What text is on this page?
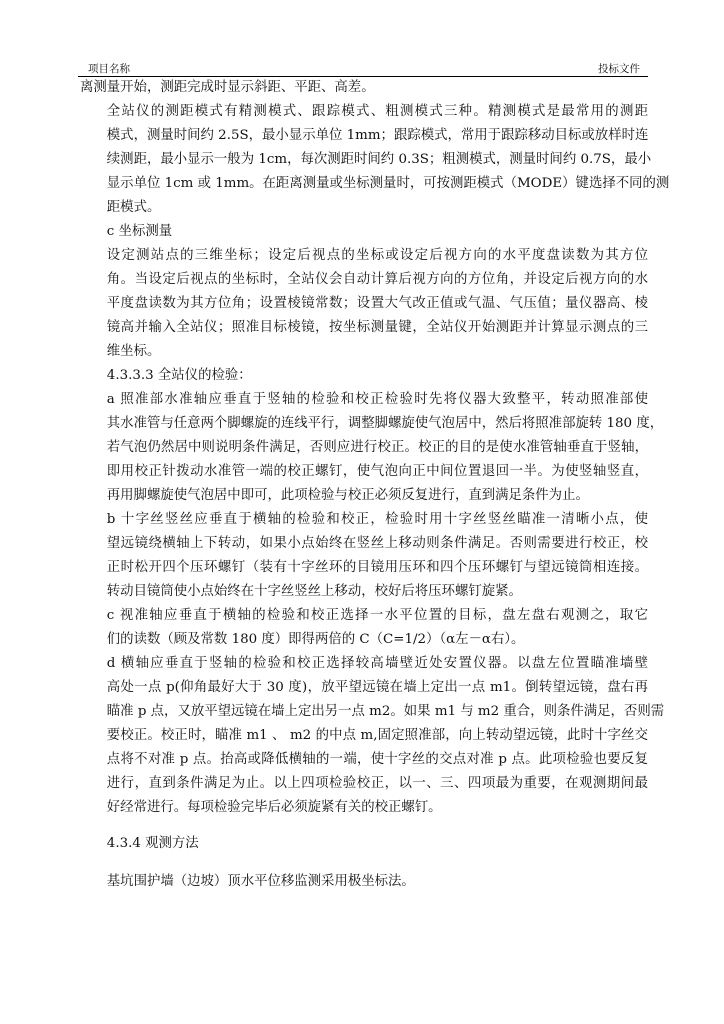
项目名称	投标文件
离测量开始，测距完成时显示斜距、平距、高差。
全站仪的测距模式有精测模式、跟踪模式、粗测模式三种。精测模式是最常用的测距
模式，测量时间约 2.5S，最小显示单位 1mm；跟踪模式，常用于跟踪移动目标或放样时连
续测距，最小显示一般为 1cm，每次测距时间约 0.3S；粗测模式，测量时间约 0.7S，最小
显示单位 1cm 或 1mm。在距离测量或坐标测量时，可按测距模式（MODE）键选择不同的测
距模式。
c 坐标测量
设定测站点的三维坐标；设定后视点的坐标或设定后视方向的水平度盘读数为其方位
角。当设定后视点的坐标时，全站仪会自动计算后视方向的方位角，并设定后视方向的水
平度盘读数为其方位角；设置棱镜常数；设置大气改正值或气温、气压值；量仪器高、棱
镜高并输入全站仪；照准目标棱镜，按坐标测量键，全站仪开始测距并计算显示测点的三
维坐标。
4.3.3.3 全站仪的检验：
a 照准部水准轴应垂直于竖轴的检验和校正检验时先将仪器大致整平，转动照准部使
其水准管与任意两个脚螺旋的连线平行，调整脚螺旋使气泡居中，然后将照准部旋转 180 度，
若气泡仍然居中则说明条件满足，否则应进行校正。校正的目的是使水准管轴垂直于竖轴，
即用校正针拨动水准管一端的校正螺钉，使气泡向正中间位置退回一半。为使竖轴竖直，
再用脚螺旋使气泡居中即可，此项检验与校正必须反复进行，直到满足条件为止。
b 十字丝竖丝应垂直于横轴的检验和校正，检验时用十字丝竖丝瞄准一清晰小点，使
望远镜绕横轴上下转动，如果小点始终在竖丝上移动则条件满足。否则需要进行校正，校
正时松开四个压环螺钉（装有十字丝环的目镜用压环和四个压环螺钉与望远镜筒相连接。
转动目镜筒使小点始终在十字丝竖丝上移动，校好后将压环螺钉旋紧。
c 视准轴应垂直于横轴的检验和校正选择一水平位置的目标，盘左盘右观测之，取它
们的读数（顾及常数 180 度）即得两倍的 C（C=1/2）（α左－α右）。
d 横轴应垂直于竖轴的检验和校正选择较高墙壁近处安置仪器。以盘左位置瞄准墙壁
高处一点 p(仰角最好大于 30 度)，放平望远镜在墙上定出一点 m1。倒转望远镜，盘右再
瞄准 p 点，又放平望远镜在墙上定出另一点 m2。如果 m1 与 m2 重合，则条件满足，否则需
要校正。校正时，瞄准 m1 、 m2 的中点 m,固定照准部，向上转动望远镜，此时十字丝交
点将不对准 p 点。抬高或降低横轴的一端，使十字丝的交点对准 p 点。此项检验也要反复
进行，直到条件满足为止。以上四项检验校正，以一、三、四项最为重要，在观测期间最
好经常进行。每项检验完毕后必须旋紧有关的校正螺钉。
4.3.4 观测方法
基坑围护墙（边坡）顶水平位移监测采用极坐标法。
